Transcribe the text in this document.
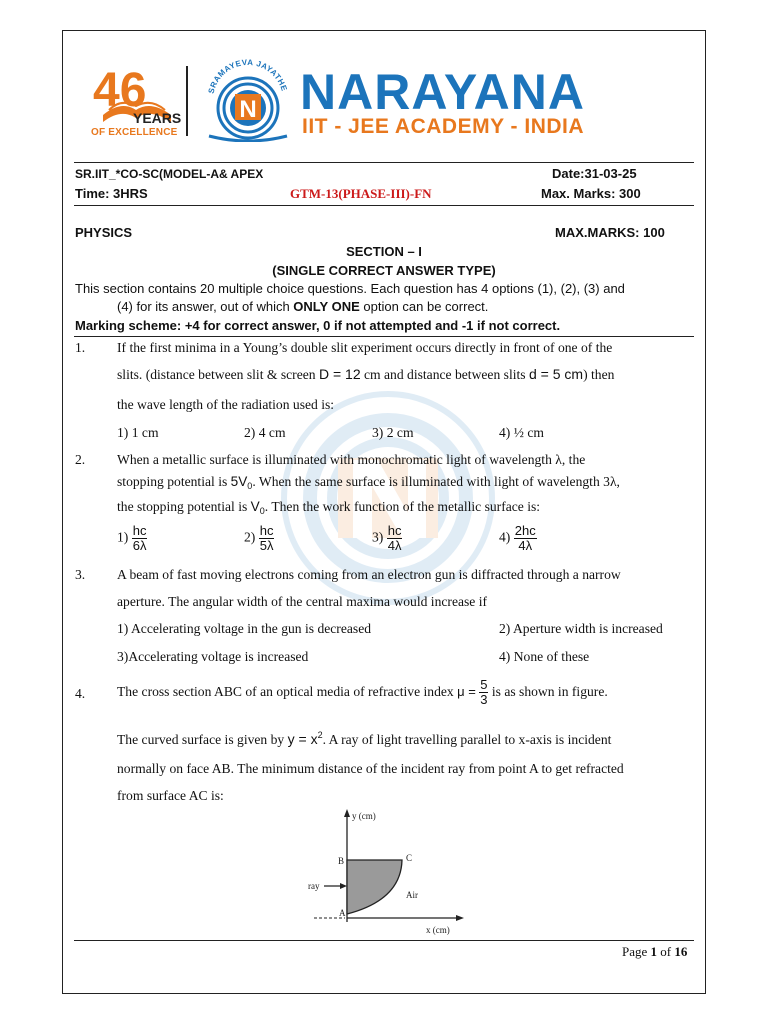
46
YEARS
OF EXCELLENCE
SRAMAYEVA JAYATHE
N NARAYANA
IIT - JEE ACADEMY - INDIA
SR.IIT_*CO-SC(MODEL-A& APEX	Date:31-03-25
Time: 3HRS	GTM-13(PHASE-III)-FN	Max. Marks: 300
PHYSICS	MAX.MARKS: 100
SECTION – I
(SINGLE CORRECT ANSWER TYPE)
This section contains 20 multiple choice questions. Each question has 4 options (1), (2), (3) and
(4) for its answer, out of which ONLY ONE option can be correct.
Marking scheme: +4 for correct answer, 0 if not attempted and -1 if not correct.
1. If the first minima in a Young’s double slit experiment occurs directly in front of one of the
slits. (distance between slit & screen D = 12 cm and distance between slits d = 5 cm) then
the wave length of the radiation used is:
1) 1 cm	2) 4 cm	3) 2 cm	4) ½ cm
2. When a metallic surface is illuminated with monochromatic light of wavelength λ, the
stopping potential is $5V_0$. When the same surface is illuminated with light of wavelength 3λ,
the stopping potential is $V_0$. Then the work function of the metallic surface is:
$1) \frac{hc}{6\lambda}$	$2) \frac{hc}{5\lambda}$	$3) \frac{hc}{4\lambda}$	$4) \frac{2hc}{4\lambda}$
3. A beam of fast moving electrons coming from an electron gun is diffracted through a narrow
aperture. The angular width of the central maxima would increase if
1) Accelerating voltage in the gun is decreased	2) Aperture width is increased
3)Accelerating voltage is increased	4) None of these
4. The cross section ABC of an optical media of refractive index $\mu = \frac{5}{3}$ is as shown in figure.
The curved surface is given by $y = x^2$. A ray of light travelling parallel to x-axis is incident
normally on face AB. The minimum distance of the incident ray from point A to get refracted
from surface AC is:
y (cm)
x (cm)
B	C
A
ray
Air
Page 1 of 16
